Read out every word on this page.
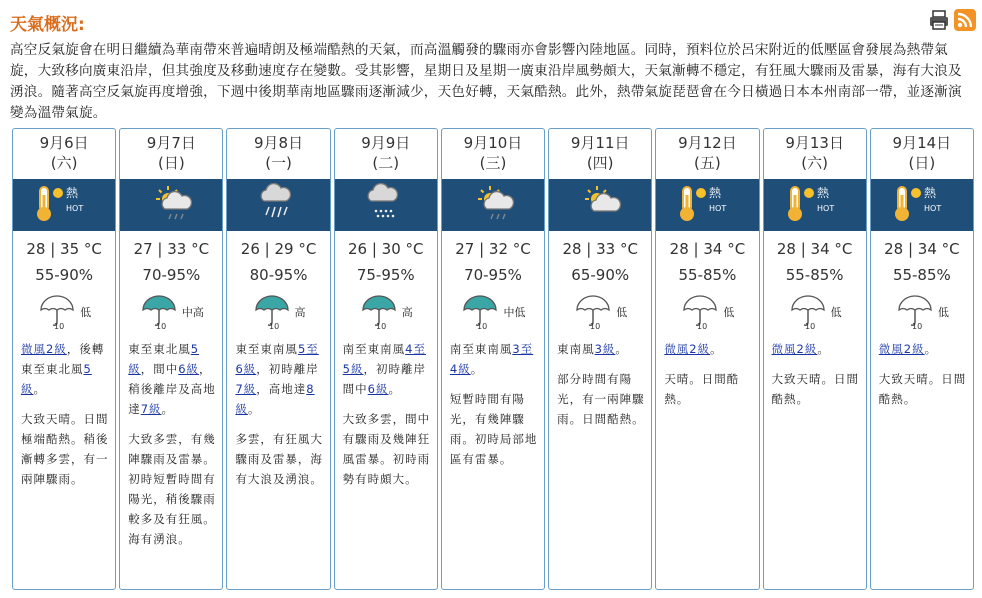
天氣概況:
高空反氣旋會在明日繼續為華南帶來普遍晴朗及極端酷熱的天氣，而高溫觸發的驟雨亦會影響內陸地區。同時，預料位於呂宋附近的低壓區會發展為熱帶氣旋，大致移向廣東沿岸，但其強度及移動速度存在變數。受其影響，星期日及星期一廣東沿岸風勢頗大，天氣漸轉不穩定，有狂風大驟雨及雷暴，海有大浪及湧浪。隨著高空反氣旋再度增強，下週中後期華南地區驟雨逐漸減少，天色好轉，天氣酷熱。此外，熱帶氣旋琵琶會在今日橫過日本本州南部一帶，並逐漸演變為溫帶氣旋。
9月6日
(六)
熱
HOT
28 | 35 °C
55-90%
10
低
微風2級，後轉東至東北風5級。
大致天晴。日間極端酷熱。稍後漸轉多雲，有一兩陣驟雨。
9月7日
(日)
27 | 33 °C
70-95%
10
中高
東至東北風5級，間中6級，稍後離岸及高地達7級。
大致多雲，有幾陣驟雨及雷暴。初時短暫時間有陽光，稍後驟雨較多及有狂風。海有湧浪。
9月8日
(一)
26 | 29 °C
80-95%
10
高
東至東南風5至6級，初時離岸7級，高地達8級。
多雲，有狂風大驟雨及雷暴，海有大浪及湧浪。
9月9日
(二)
26 | 30 °C
75-95%
10
高
南至東南風4至5級，初時離岸間中6級。
大致多雲，間中有驟雨及幾陣狂風雷暴。初時雨勢有時頗大。
9月10日
(三)
27 | 32 °C
70-95%
10
中低
南至東南風3至4級。
短暫時間有陽光，有幾陣驟雨。初時局部地區有雷暴。
9月11日
(四)
28 | 33 °C
65-90%
10
低
東南風3級。
部分時間有陽光，有一兩陣驟雨。日間酷熱。
9月12日
(五)
熱
HOT
28 | 34 °C
55-85%
10
低
微風2級。
天晴。日間酷熱。
9月13日
(六)
熱
HOT
28 | 34 °C
55-85%
10
低
微風2級。
大致天晴。日間酷熱。
9月14日
(日)
熱
HOT
28 | 34 °C
55-85%
10
低
微風2級。
大致天晴。日間酷熱。
